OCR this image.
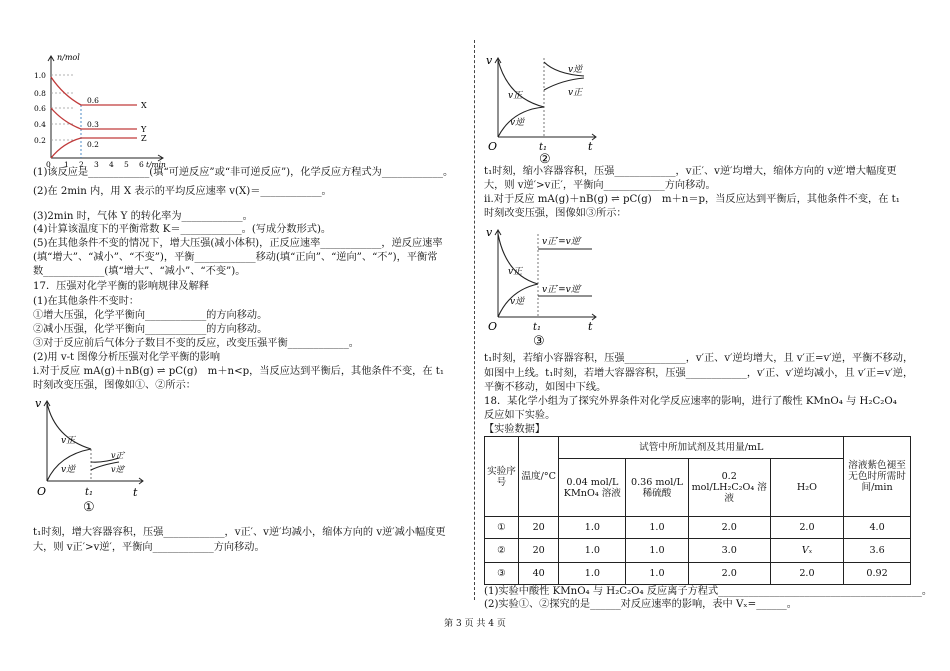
n/mol
1.0
0.8
0.6
0.4
0.2
0 1 2 3 4 5 6 t/min
0.6
0.3
0.2
X
Y
Z
(1)该反应是____________(填“可逆反应”或“非可逆反应”)，化学反应方程式为____________。
(2)在 2min 内，用 X 表示的平均反应速率 v(X)＝____________。
(3)2min 时，气体 Y 的转化率为____________。
(4)计算该温度下的平衡常数 K＝____________。(写成分数形式)。
(5)在其他条件不变的情况下，增大压强(减小体积)，正反应速率____________，逆反应速率
(填“增大”、“减小”、“不变”)，平衡____________移动(填“正向”、“逆向”、“不”)，平衡常
数____________(填“增大”、“减小”、“不变”)。
17．压强对化学平衡的影响规律及解释
(1)在其他条件不变时：
①增大压强，化学平衡向____________的方向移动。
②减小压强，化学平衡向____________的方向移动。
③对于反应前后气体分子数目不变的反应，改变压强平衡____________。
(2)用 v-t 图像分析压强对化学平衡的影响
i.对于反应 mA(g)＋nB(g) ⇌ pC(g)　m＋n<p，当反应达到平衡后，其他条件不变，在 t₁
时刻改变压强，图像如①、②所示：
v
O	t
t₁
v正
v逆
v正′
v逆′
①
t₁时刻，增大容器容积，压强____________，v正′、v逆′均减小，缩体方向的 v逆′减小幅度更
大，则 v正′>v逆′，平衡向____________方向移动。
v
O	t
t₁
v正
v逆
v逆
v正
②
t₁时刻，缩小容器容积，压强____________，v正′、v逆′均增大，缩体方向的 v逆′增大幅度更
大，则 v逆′>v正′，平衡向____________方向移动。
ii.对于反应 mA(g)＋nB(g) ⇌ pC(g)　m＋n＝p，当反应达到平衡后，其他条件不变，在 t₁
时刻改变压强，图像如③所示：
v
O	t
t₁
v正
v逆
v正′=v逆′
v正′=v逆′
③
t₁时刻，若缩小容器容积，压强____________，v′正、v′逆均增大，且 v′正=v′逆，平衡不移动，
如图中上线。t₁时刻，若增大容器容积，压强____________，v′正、v′逆均减小，且 v′正=v′逆，
平衡不移动，如图中下线。
18．某化学小组为了探究外界条件对化学反应速率的影响，进行了酸性 KMnO₄ 与 H₂C₂O₄
反应如下实验。
【实验数据】
实验序号	温度/°C	试管中所加试剂及其用量/mL				溶液紫色褪至无色时所需时间/min
		0.04 mol/L KMnO₄ 溶液	0.36 mol/L 稀硫酸	0.2 mol/LH₂C₂O₄ 溶液	H₂O	
①	20	1.0	1.0	2.0	2.0	4.0
②	20	1.0	1.0	3.0	Vₓ	3.6
③	40	1.0	1.0	2.0	2.0	0.92
(1)实验中酸性 KMnO₄ 与 H₂C₂O₄ 反应离子方程式________________________________________。
(2)实验①、②探究的是______对反应速率的影响，表中 Vₓ=______。
第 3 页 共 4 页
